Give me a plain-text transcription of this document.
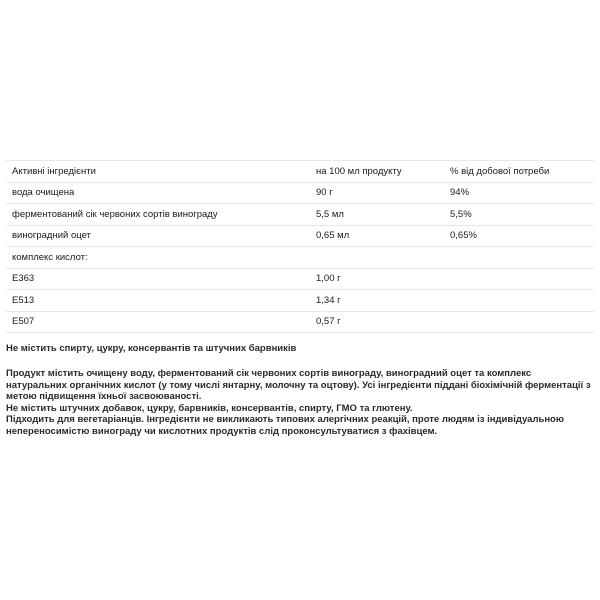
Активні інгредієнти	на 100 мл продукту	% від добової потреби
вода очищена	90 г	94%
ферментований сік червоних сортів винограду	5,5 мл	5,5%
виноградний оцет	0,65 мл	0,65%
комплекс кислот:		
E363	1,00 г	
E513	1,34 г	
E507	0,57 г	

Не містить спирту, цукру, консервантів та штучних барвників

Продукт містить очищену воду, ферментований сік червоних сортів винограду, виноградний оцет та комплекс натуральних органічних кислот (у тому числі янтарну, молочну та оцтову). Усі інгредієнти піддані біохімічній ферментації з метою підвищення їхньої засвоюваності.

Не містить штучних добавок, цукру, барвників, консервантів, спирту, ГМО та глютену.

Підходить для вегетаріанців. Інгредієнти не викликають типових алергічних реакцій, проте людям із індивідуальною непереносимістю винограду чи кислотних продуктів слід проконсультуватися з фахівцем.
